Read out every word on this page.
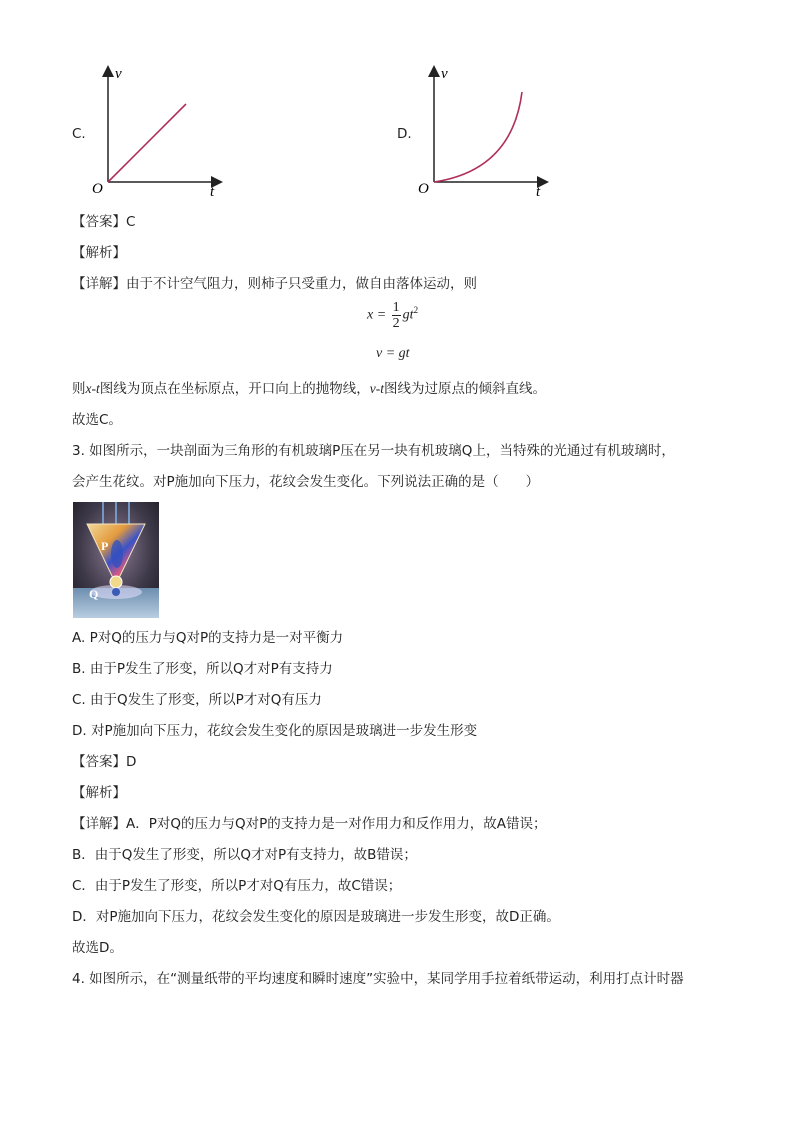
C.
v
t
O
D.
v
t
O
【答案】C
【解析】
【详解】由于不计空气阻力，则柿子只受重力，做自由落体运动，则
$x = \frac{1}{2} gt^2$
v = gt
则x-t图线为顶点在坐标原点，开口向上的抛物线，v-t图线为过原点的倾斜直线。
故选C。
3. 如图所示，一块剖面为三角形的有机玻璃P压在另一块有机玻璃Q上，当特殊的光通过有机玻璃时，
会产生花纹。对P施加向下压力，花纹会发生变化。下列说法正确的是（　　）
P
Q
A. P对Q的压力与Q对P的支持力是一对平衡力
B. 由于P发生了形变，所以Q才对P有支持力
C. 由于Q发生了形变，所以P才对Q有压力
D. 对P施加向下压力，花纹会发生变化的原因是玻璃进一步发生形变
【答案】D
【解析】
【详解】A．P对Q的压力与Q对P的支持力是一对作用力和反作用力，故A错误；
B．由于Q发生了形变，所以Q才对P有支持力，故B错误；
C．由于P发生了形变，所以P才对Q有压力，故C错误；
D．对P施加向下压力，花纹会发生变化的原因是玻璃进一步发生形变，故D正确。
故选D。
4. 如图所示，在“测量纸带的平均速度和瞬时速度”实验中，某同学用手拉着纸带运动，利用打点计时器
